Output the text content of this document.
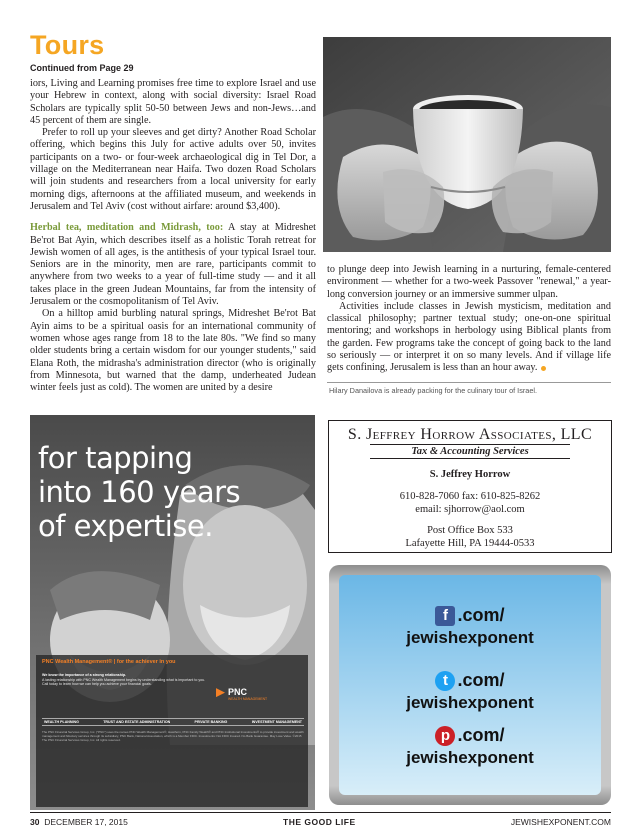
Tours
Continued from Page 29

iors, Living and Learning promises free time to explore Israel and use your Hebrew in context, along with social diversity: Israel Road Scholars are typically split 50-50 between Jews and non-Jews…and 45 percent of them are single.

Prefer to roll up your sleeves and get dirty? Another Road Scholar offering, which begins this July for active adults over 50, invites participants on a two- or four-week archaeological dig in Tel Dor, a village on the Mediterranean near Haifa. Two dozen Road Scholars will join students and researchers from a local university for early morning digs, afternoons at the affiliated museum, and weekends in Jerusalem and Tel Aviv (cost without airfare: around $3,400).

Herbal tea, meditation and Midrash, too: A stay at Midreshet Be'rot Bat Ayin, which describes itself as a holistic Torah retreat for Jewish women of all ages, is the antithesis of your typical Israel tour. Seniors are in the minority, men are rare, participants commit to anywhere from two weeks to a year of full-time study — and it all takes place in the green Judean Mountains, far from the intensity of Jerusalem or the cosmopolitanism of Tel Aviv.

On a hilltop amid burbling natural springs, Midreshet Be'rot Bat Ayin aims to be a spiritual oasis for an international community of women whose ages range from 18 to the late 80s. "We find so many older students bring a certain wisdom for our younger students," said Elana Roth, the midrasha's administration director (who is originally from Minnesota, but warned that the damp, underheated Judean winter feels just as cold). The women are united by a desire

to plunge deep into Jewish learning in a nurturing, female-centered environment — whether for a two-week Passover "renewal," a year-long conversion journey or an immersive summer ulpan.

Activities include classes in Jewish mysticism, meditation and classical philosophy; partner textual study; one-on-one spiritual mentoring; and workshops in herbology using Biblical plants from the garden. Few programs take the concept of going back to the land so seriously — or interpret it on so many levels. And if village life gets confining, Jerusalem is less than an hour away.

Hilary Danailova is already packing for the culinary tour of Israel.
for tapping
into 160 years
of expertise.
PNC Wealth Management® | for the achiever in you
We know the importance of a strong relationship.
A lasting relationship with PNC Wealth Management begins by understanding what is important to you. Call today to learn how we can help you achieve your financial goals.
PNC
WEALTH MANAGEMENT
WEALTH PLANNING	TRUST AND ESTATE ADMINISTRATION	PRIVATE BANKING	INVESTMENT MANAGEMENT
The PNC Financial Services Group, Inc. ("PNC") uses the names PNC Wealth Management®, Hawthorn, PNC Family Wealth® and PNC Institutional Investments® to provide investment and wealth management and fiduciary services through its subsidiary, PNC Bank, National Association, which is a Member FDIC. Investments: Not FDIC Insured. No Bank Guarantee. May Lose Value. ©2015 The PNC Financial Services Group, Inc. All rights reserved.
S. Jeffrey Horrow Associates, LLC
Tax & Accounting Services
S. Jeffrey Horrow
610-828-7060 fax: 610-825-8262
email: sjhorrow@aol.com
Post Office Box 533
Lafayette Hill, PA 19444-0533
f .com/
jewishexponent
t .com/
jewishexponent
p .com/
jewishexponent
30 DECEMBER 17, 2015	THE GOOD LIFE	JEWISHEXPONENT.COM
